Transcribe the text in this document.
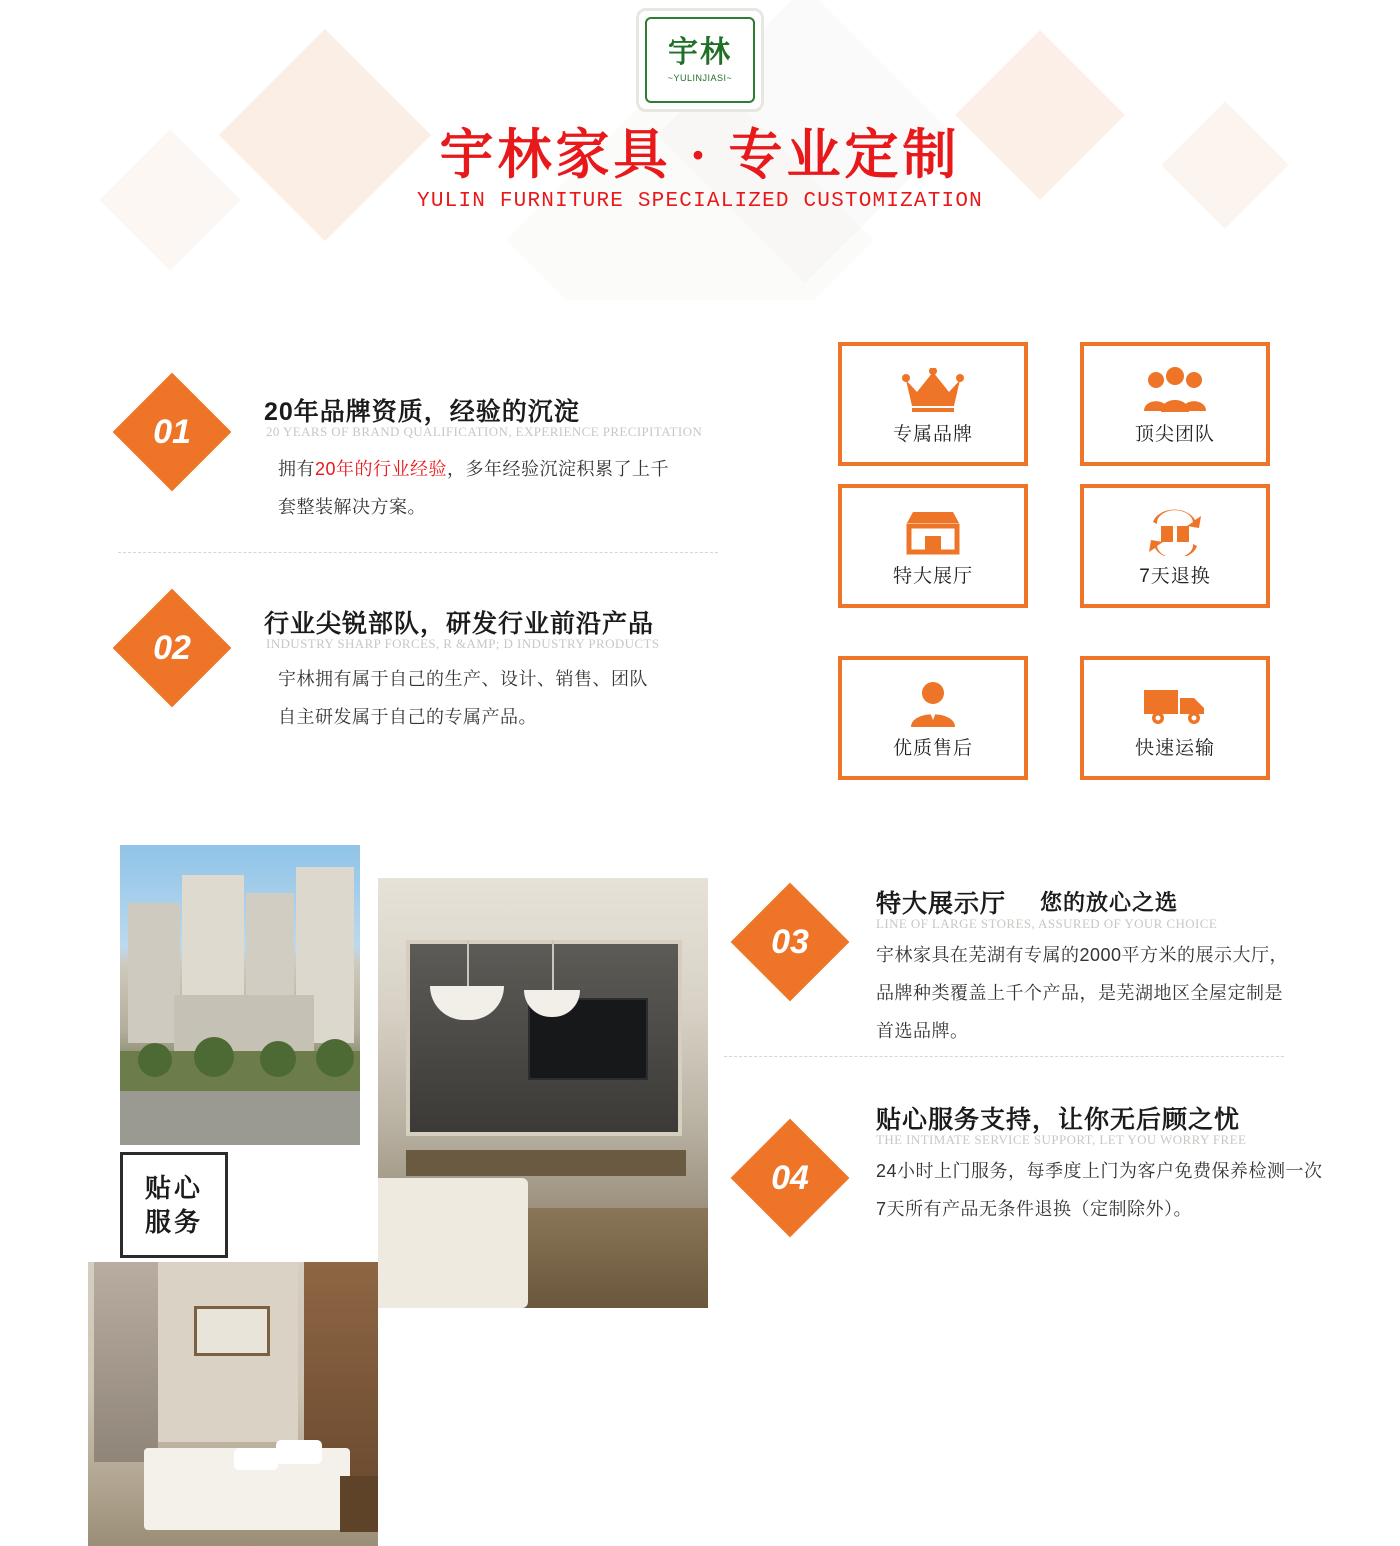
宇林
~YULINJIASI~
宇林家具 · 专业定制
YULIN FURNITURE SPECIALIZED CUSTOMIZATION
01
20年品牌资质，经验的沉淀
20 YEARS OF BRAND QUALIFICATION, EXPERIENCE PRECIPITATION
拥有20年的行业经验，多年经验沉淀积累了上千
套整装解决方案。
02
行业尖锐部队，研发行业前沿产品
INDUSTRY SHARP FORCES, R &AMP; D INDUSTRY PRODUCTS
宇林拥有属于自己的生产、设计、销售、团队
自主研发属于自己的专属产品。
专属品牌	顶尖团队
特大展厅	7天退换
优质售后	快速运输
贴心
服务
03
特大展示厅 您的放心之选
LINE OF LARGE STORES, ASSURED OF YOUR CHOICE
宇林家具在芜湖有专属的2000平方米的展示大厅，
品牌种类覆盖上千个产品，是芜湖地区全屋定制是
首选品牌。
04
贴心服务支持，让你无后顾之忧
THE INTIMATE SERVICE SUPPORT, LET YOU WORRY FREE
24小时上门服务，每季度上门为客户免费保养检测一次
7天所有产品无条件退换（定制除外）。
